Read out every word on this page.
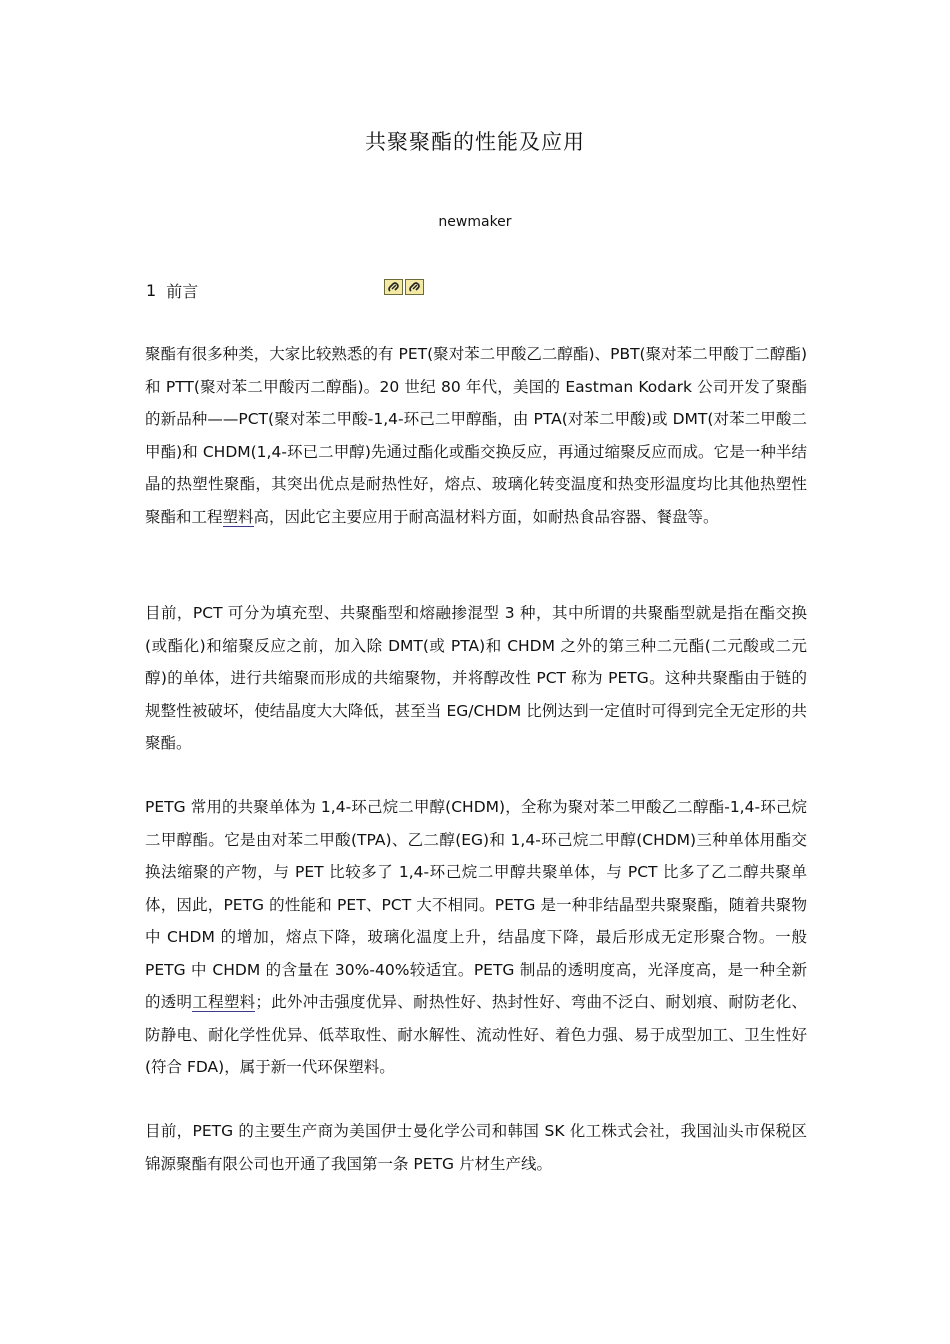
共聚聚酯的性能及应用
newmaker
1 前言
聚酯有很多种类，大家比较熟悉的有 PET(聚对苯二甲酸乙二醇酯)、PBT(聚对苯二甲酸丁二醇酯)和 PTT(聚对苯二甲酸丙二醇酯)。20 世纪 80 年代，美国的 Eastman Kodark 公司开发了聚酯的新品种——PCT(聚对苯二甲酸-1,4-环己二甲醇酯，由 PTA(对苯二甲酸)或 DMT(对苯二甲酸二甲酯)和 CHDM(1,4-环已二甲醇)先通过酯化或酯交换反应，再通过缩聚反应而成。它是一种半结晶的热塑性聚酯，其突出优点是耐热性好，熔点、玻璃化转变温度和热变形温度均比其他热塑性聚酯和工程塑料高，因此它主要应用于耐高温材料方面，如耐热食品容器、餐盘等。
目前，PCT 可分为填充型、共聚酯型和熔融掺混型 3 种，其中所谓的共聚酯型就是指在酯交换(或酯化)和缩聚反应之前，加入除 DMT(或 PTA)和 CHDM 之外的第三种二元酯(二元酸或二元醇)的单体，进行共缩聚而形成的共缩聚物，并将醇改性 PCT 称为 PETG。这种共聚酯由于链的规整性被破坏，使结晶度大大降低，甚至当 EG/CHDM 比例达到一定值时可得到完全无定形的共聚酯。
PETG 常用的共聚单体为 1,4-环己烷二甲醇(CHDM)，全称为聚对苯二甲酸乙二醇酯-1,4-环己烷二甲醇酯。它是由对苯二甲酸(TPA)、乙二醇(EG)和 1,4-环己烷二甲醇(CHDM)三种单体用酯交换法缩聚的产物，与 PET 比较多了 1,4-环己烷二甲醇共聚单体，与 PCT 比多了乙二醇共聚单体，因此，PETG 的性能和 PET、PCT 大不相同。PETG 是一种非结晶型共聚聚酯，随着共聚物中 CHDM 的增加，熔点下降，玻璃化温度上升，结晶度下降，最后形成无定形聚合物。一般 PETG 中 CHDM 的含量在 30%-40%较适宜。PETG 制品的透明度高，光泽度高，是一种全新的透明工程塑料；此外冲击强度优异、耐热性好、热封性好、弯曲不泛白、耐划痕、耐防老化、防静电、耐化学性优异、低萃取性、耐水解性、流动性好、着色力强、易于成型加工、卫生性好(符合 FDA)，属于新一代环保塑料。
目前，PETG 的主要生产商为美国伊士曼化学公司和韩国 SK 化工株式会社，我国汕头市保税区锦源聚酯有限公司也开通了我国第一条 PETG 片材生产线。
